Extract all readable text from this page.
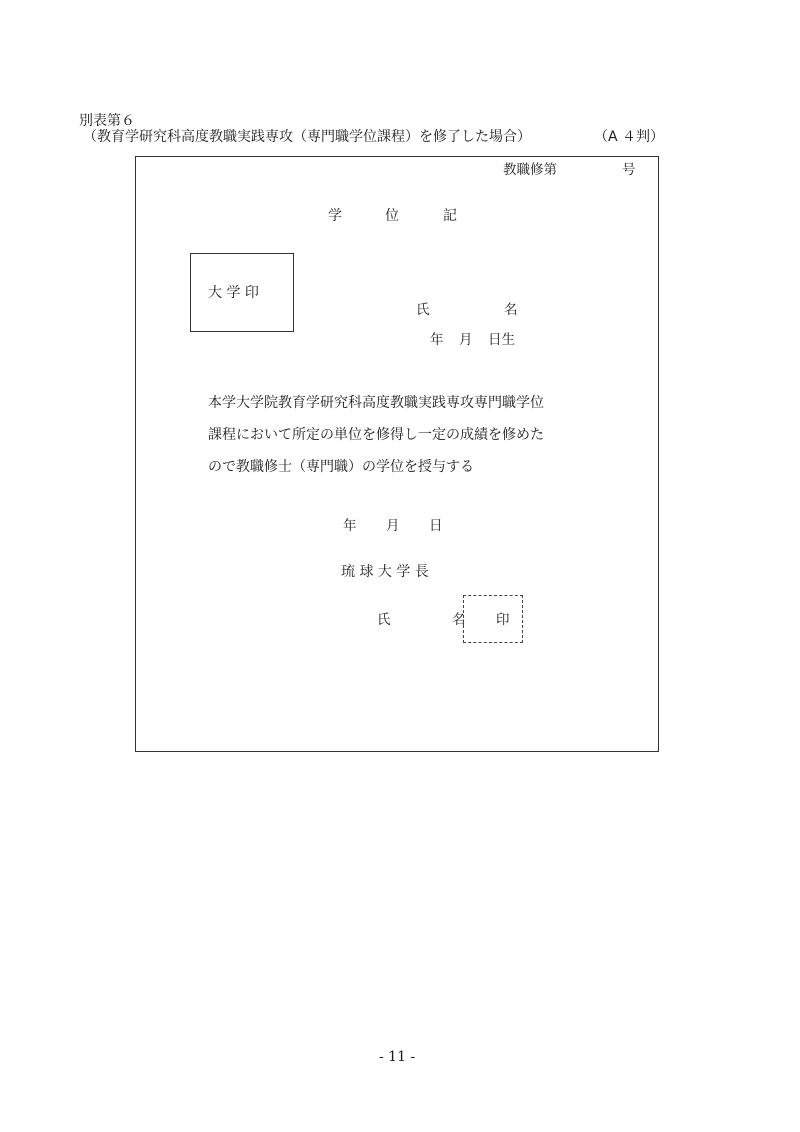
別表第６
（教育学研究科高度教職実践専攻（専門職学位課程）を修了した場合）	（A ４判）
教職修第	号
学	位	記
大 学 印
氏	名
年 月 日生
本学大学院教育学研究科高度教職実践専攻専門職学位
課程において所定の単位を修得し一定の成績を修めた
ので教職修士（専門職）の学位を授与する
年 月 日
琉 球 大 学 長
氏	名 印
- 11 -
